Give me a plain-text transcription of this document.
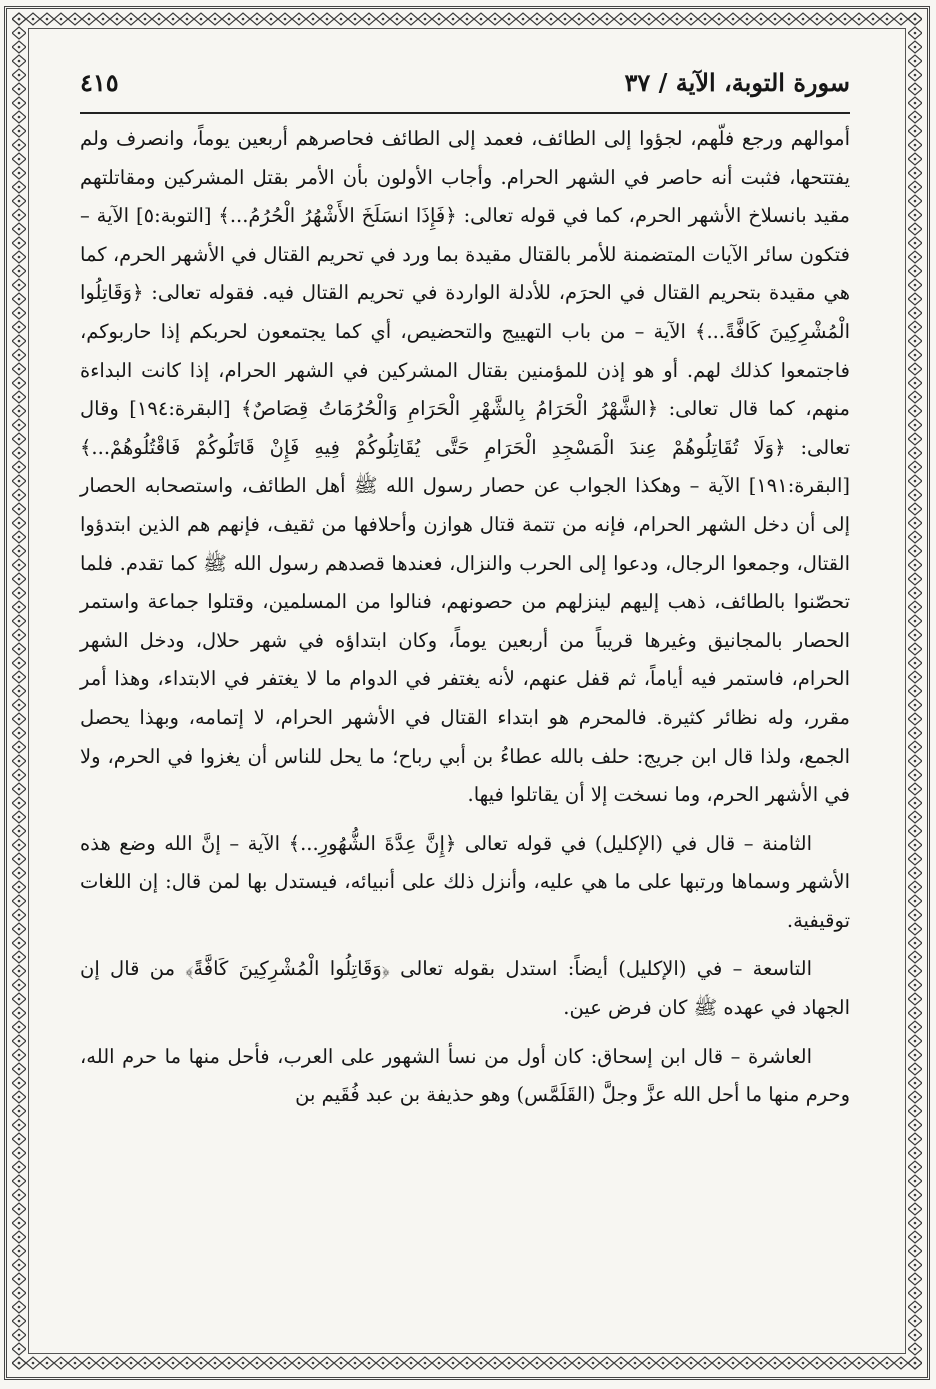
سورة التوبة، الآية / ٣٧
٤١٥

أموالهم ورجع فلّهم، لجؤوا إلى الطائف، فعمد إلى الطائف فحاصرهم أربعين يوماً، وانصرف ولم يفتتحها، فثبت أنه حاصر في الشهر الحرام. وأجاب الأولون بأن الأمر بقتل المشركين ومقاتلتهم مقيد بانسلاخ الأشهر الحرم، كما في قوله تعالى: ﴿فَإِذَا انسَلَخَ الأَشْهُرُ الْحُرُمُ...﴾ [التوبة:٥] الآية – فتكون سائر الآيات المتضمنة للأمر بالقتال مقيدة بما ورد في تحريم القتال في الأشهر الحرم، كما هي مقيدة بتحريم القتال في الحرَم، للأدلة الواردة في تحريم القتال فيه. فقوله تعالى: ﴿وَقَاتِلُوا الْمُشْرِكِينَ كَافَّةً...﴾ الآية – من باب التهييج والتحضيص، أي كما يجتمعون لحربكم إذا حاربوكم، فاجتمعوا كذلك لهم. أو هو إذن للمؤمنين بقتال المشركين في الشهر الحرام، إذا كانت البداءة منهم، كما قال تعالى: ﴿الشَّهْرُ الْحَرَامُ بِالشَّهْرِ الْحَرَامِ وَالْحُرُمَاتُ قِصَاصٌ﴾ [البقرة:١٩٤] وقال تعالى: ﴿وَلَا تُقَاتِلُوهُمْ عِندَ الْمَسْجِدِ الْحَرَامِ حَتَّى يُقَاتِلُوكُمْ فِيهِ فَإِنْ قَاتَلُوكُمْ فَاقْتُلُوهُمْ...﴾ [البقرة:١٩١] الآية – وهكذا الجواب عن حصار رسول الله ﷺ أهل الطائف، واستصحابه الحصار إلى أن دخل الشهر الحرام، فإنه من تتمة قتال هوازن وأحلافها من ثقيف، فإنهم هم الذين ابتدؤوا القتال، وجمعوا الرجال، ودعوا إلى الحرب والنزال، فعندها قصدهم رسول الله ﷺ كما تقدم. فلما تحصّنوا بالطائف، ذهب إليهم لينزلهم من حصونهم، فنالوا من المسلمين، وقتلوا جماعة واستمر الحصار بالمجانيق وغيرها قريباً من أربعين يوماً، وكان ابتداؤه في شهر حلال، ودخل الشهر الحرام، فاستمر فيه أياماً، ثم قفل عنهم، لأنه يغتفر في الدوام ما لا يغتفر في الابتداء، وهذا أمر مقرر، وله نظائر كثيرة. فالمحرم هو ابتداء القتال في الأشهر الحرام، لا إتمامه، وبهذا يحصل الجمع، ولذا قال ابن جريج: حلف بالله عطاءُ بن أبي رباح؛ ما يحل للناس أن يغزوا في الحرم، ولا في الأشهر الحرم، وما نسخت إلا أن يقاتلوا فيها.

الثامنة – قال في (الإكليل) في قوله تعالى ﴿إِنَّ عِدَّةَ الشُّهُورِ...﴾ الآية – إنَّ الله وضع هذه الأشهر وسماها ورتبها على ما هي عليه، وأنزل ذلك على أنبيائه، فيستدل بها لمن قال: إن اللغات توقيفية.

التاسعة – في (الإكليل) أيضاً: استدل بقوله تعالى ﴿وَقَاتِلُوا الْمُشْرِكِينَ كَافَّةً﴾ من قال إن الجهاد في عهده ﷺ كان فرض عين.

العاشرة – قال ابن إسحاق: كان أول من نسأ الشهور على العرب، فأحل منها ما حرم الله، وحرم منها ما أحل الله عزَّ وجلَّ (القَلَمَّس) وهو حذيفة بن عبد فُقَيم بن
